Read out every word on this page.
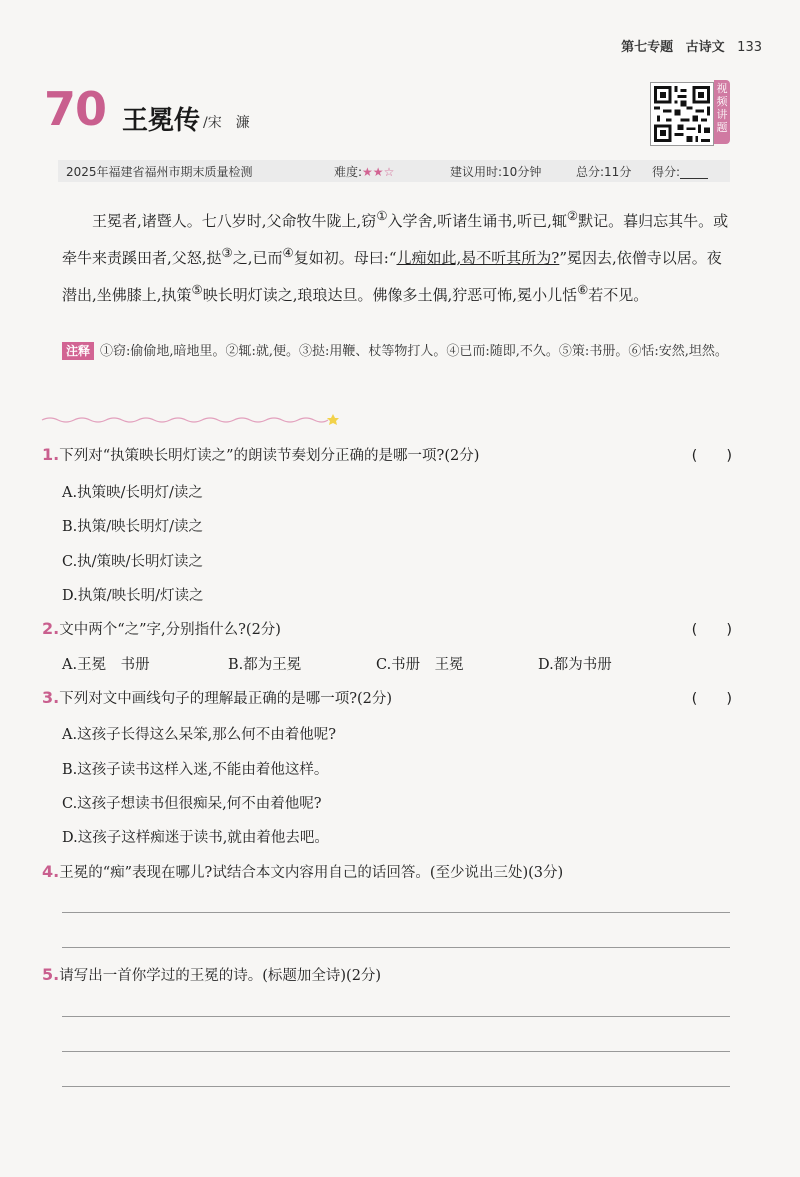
第七专题 古诗文 133
70 王冕传 /宋　濂
视频讲题
2025年福建省福州市期末质量检测	难度:★★☆	建议用时:10分钟	总分:11分 得分:
王冕者,诸暨人。七八岁时,父命牧牛陇上,窃①入学舍,听诸生诵书,听已,辄②默记。暮归忘其牛。或牵牛来责蹊田者,父怒,挞③之,已而④复如初。母曰:“儿痴如此,曷不听其所为?”冕因去,依僧寺以居。夜潜出,坐佛膝上,执策⑤映长明灯读之,琅琅达旦。佛像多土偶,狞恶可怖,冕小儿恬⑥若不见。
注释 ①窃:偷偷地,暗地里。②辄:就,便。③挞:用鞭、杖等物打人。④已而:随即,不久。⑤策:书册。⑥恬:安然,坦然。
1.下列对“执策映长明灯读之”的朗读节奏划分正确的是哪一项?(2分)	(　　)
A.执策映/长明灯/读之
B.执策/映长明灯/读之
C.执/策映/长明灯读之
D.执策/映长明/灯读之
2.文中两个“之”字,分别指什么?(2分)	(　　)
A.王冕　书册	B.都为王冕	C.书册　王冕	D.都为书册
3.下列对文中画线句子的理解最正确的是哪一项?(2分)	(　　)
A.这孩子长得这么呆笨,那么何不由着他呢?
B.这孩子读书这样入迷,不能由着他这样。
C.这孩子想读书但很痴呆,何不由着他呢?
D.这孩子这样痴迷于读书,就由着他去吧。
4.王冕的“痴”表现在哪儿?试结合本文内容用自己的话回答。(至少说出三处)(3分)
5.请写出一首你学过的王冕的诗。(标题加全诗)(2分)
